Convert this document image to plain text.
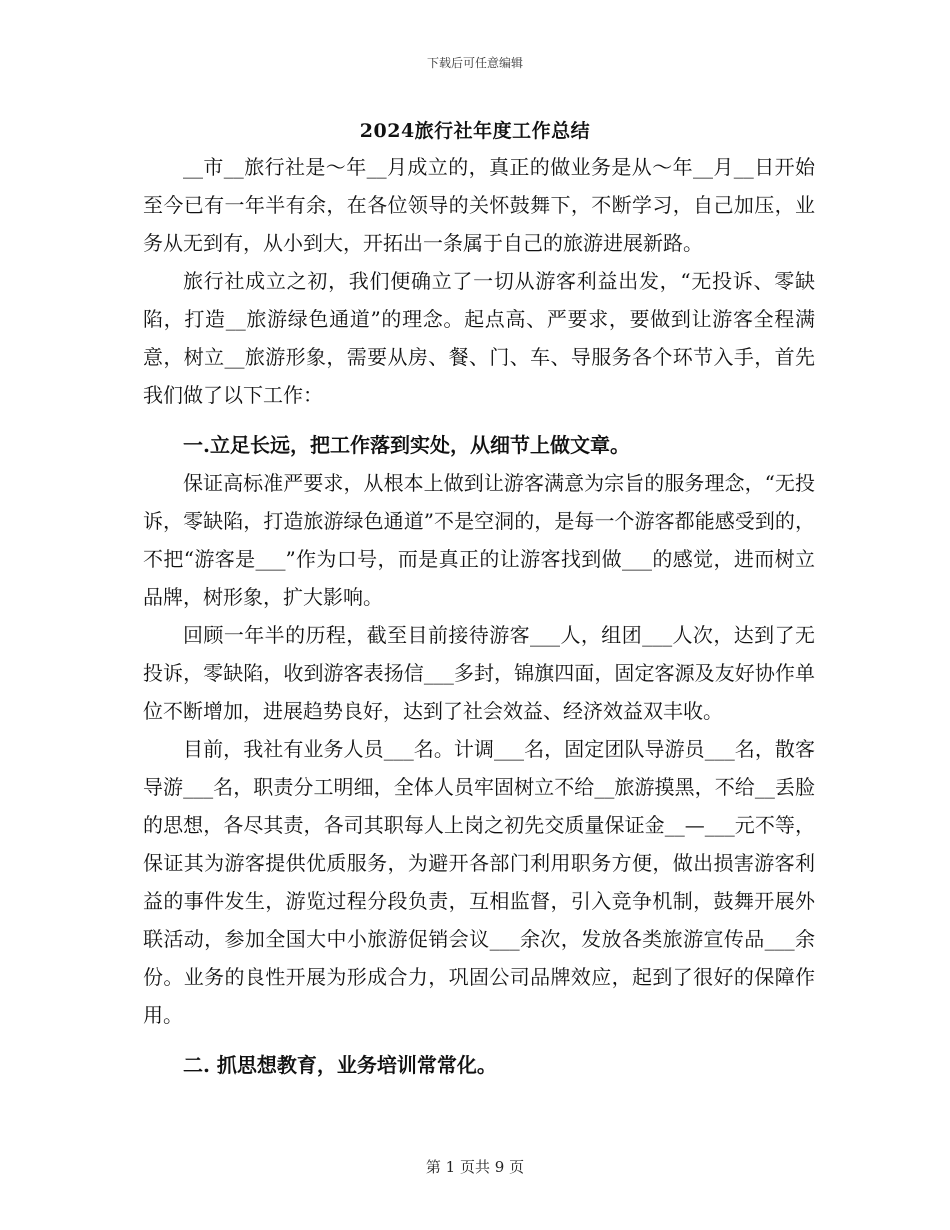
下载后可任意编辑
2024旅行社年度工作总结

__市__旅行社是～年__月成立的，真正的做业务是从～年__月__日开始至今已有一年半有余，在各位领导的关怀鼓舞下，不断学习，自己加压，业务从无到有，从小到大，开拓出一条属于自己的旅游进展新路。

旅行社成立之初，我们便确立了一切从游客利益出发，“无投诉、零缺陷，打造__旅游绿色通道”的理念。起点高、严要求，要做到让游客全程满意，树立__旅游形象，需要从房、餐、门、车、导服务各个环节入手，首先我们做了以下工作：

一.立足长远，把工作落到实处，从细节上做文章。

保证高标准严要求，从根本上做到让游客满意为宗旨的服务理念，“无投诉，零缺陷，打造旅游绿色通道”不是空洞的，是每一个游客都能感受到的，不把“游客是___”作为口号，而是真正的让游客找到做___的感觉，进而树立品牌，树形象，扩大影响。

回顾一年半的历程，截至目前接待游客___人，组团___人次，达到了无投诉，零缺陷，收到游客表扬信___多封，锦旗四面，固定客源及友好协作单位不断增加，进展趋势良好，达到了社会效益、经济效益双丰收。

目前，我社有业务人员___名。计调___名，固定团队导游员___名，散客导游___名，职责分工明细，全体人员牢固树立不给__旅游摸黑，不给__丢脸的思想，各尽其责，各司其职每人上岗之初先交质量保证金__—___元不等，保证其为游客提供优质服务，为避开各部门利用职务方便，做出损害游客利益的事件发生，游览过程分段负责，互相监督，引入竞争机制，鼓舞开展外联活动，参加全国大中小旅游促销会议___余次，发放各类旅游宣传品___余份。业务的良性开展为形成合力，巩固公司品牌效应，起到了很好的保障作用。

二. 抓思想教育，业务培训常常化。

第 1 页共 9 页
